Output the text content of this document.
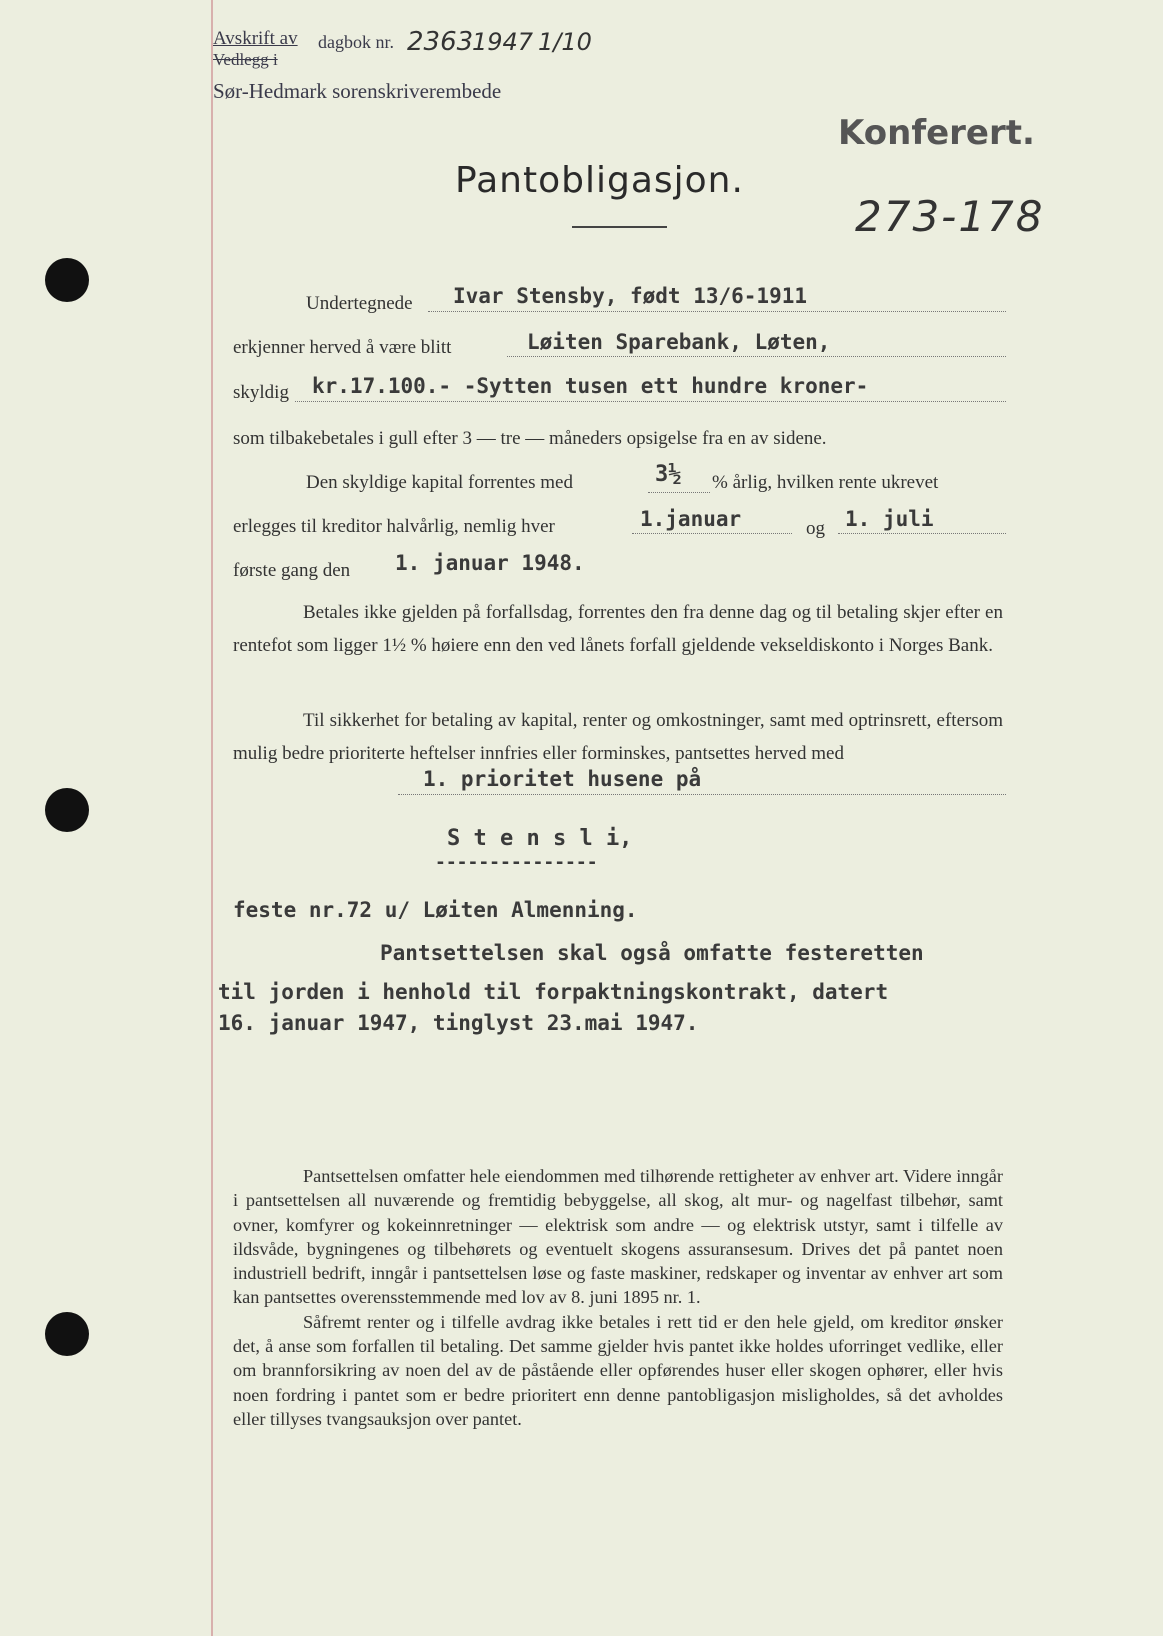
Avskrift av
Vedlegg i
dagbok nr. 2363
1947 1/10
Sør-Hedmark sorenskriverembede
Konferert.
Pantobligasjon.
273-178
Undertegnede Ivar Stensby, født 13/6-1911
erkjenner herved å være blitt	Løiten Sparebank, Løten,
skyldig kr.17.100.- -Sytten tusen ett hundre kroner-
som tilbakebetales i gull efter 3 — tre — måneders opsigelse fra en av sidene.
Den skyldige kapital forrentes med	3½ % årlig, hvilken rente ukrevet
erlegges til kreditor halvårlig, nemlig hver	1.januar	og 1. juli
første gang den 1. januar 1948.

Betales ikke gjelden på forfallsdag, forrentes den fra denne dag og til betaling skjer efter en rentefot som ligger 1½ % høiere enn den ved lånets forfall gjeldende vekseldiskonto i Norges Bank.

Til sikkerhet for betaling av kapital, renter og omkostninger, samt med optrinsrett, eftersom mulig bedre prioriterte heftelser innfries eller forminskes, pantsettes herved med

1. prioritet husene på
S t e n s l i,
---------------
feste nr.72 u/ Løiten Almenning.
Pantsettelsen skal også omfatte festeretten
til jorden i henhold til forpaktningskontrakt, datert
16. januar 1947, tinglyst 23.mai 1947.

Pantsettelsen omfatter hele eiendommen med tilhørende rettigheter av enhver art. Videre inngår i pantsettelsen all nuværende og fremtidig bebyggelse, all skog, alt mur- og nagelfast tilbehør, samt ovner, komfyrer og kokeinnretninger — elektrisk som andre — og elektrisk utstyr, samt i tilfelle av ildsvåde, bygningenes og tilbehørets og eventuelt skogens assuransesum. Drives det på pantet noen industriell bedrift, inngår i pantsettelsen løse og faste maskiner, redskaper og inventar av enhver art som kan pantsettes overensstemmende med lov av 8. juni 1895 nr. 1.

Såfremt renter og i tilfelle avdrag ikke betales i rett tid er den hele gjeld, om kreditor ønsker det, å anse som forfallen til betaling. Det samme gjelder hvis pantet ikke holdes uforringet vedlike, eller om brannforsikring av noen del av de påstående eller opførendes huser eller skogen ophører, eller hvis noen fordring i pantet som er bedre prioritert enn denne pantobligasjon misligholdes, så det avholdes eller tillyses tvangsauksjon over pantet.
